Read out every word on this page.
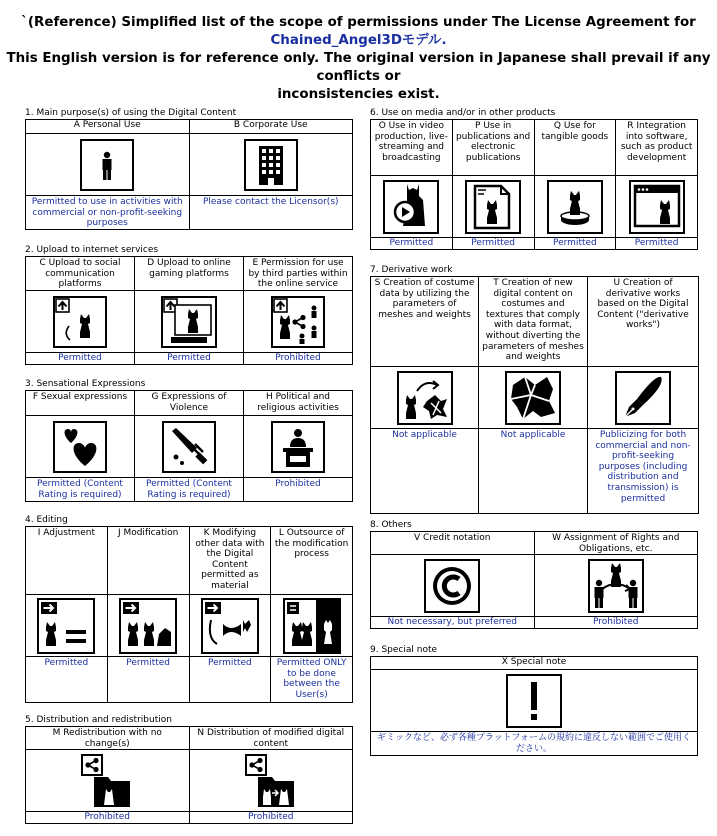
`(Reference) Simplified list of the scope of permissions under The License Agreement for
Chained_Angel3Dモデル.
This English version is for reference only. The original version in Japanese shall prevail if any conflicts or
inconsistencies exist.
1. Main purpose(s) of using the Digital Content
A Personal Use	B Corporate Use

Permitted to use in activities with commercial or non-profit-seeking purposes	Please contact the Licensor(s)
2. Upload to internet services
C Upload to social communication platforms	D Upload to online gaming platforms	E Permission for use by third parties within the online service

Permitted	Permitted	Prohibited
3. Sensational Expressions
F Sexual expressions	G Expressions of Violence	H Political and religious activities

Permitted (Content Rating is required)	Permitted (Content Rating is required)	Prohibited
4. Editing
I Adjustment	J Modification	K Modifying other data with the Digital Content permitted as material	L Outsource of the modification process

Permitted	Permitted	Permitted	Permitted ONLY to be done between the User(s)
5. Distribution and redistribution
M Redistribution with no change(s)	N Distribution of modified digital content

Prohibited	Prohibited
6. Use on media and/or in other products
O Use in video production, live-streaming and broadcasting	P Use in publications and electronic publications	Q Use for tangible goods	R Integration into software, such as product development

Permitted	Permitted	Permitted	Permitted
7. Derivative work
S Creation of costume data by utilizing the parameters of meshes and weights	T Creation of new digital content on costumes and textures that comply with data format, without diverting the parameters of meshes and weights	U Creation of derivative works based on the Digital Content ("derivative works")

Not applicable	Not applicable	Publicizing for both commercial and non-profit-seeking purposes (including distribution and transmission) is permitted
8. Others
V Credit notation	W Assignment of Rights and Obligations, etc.

Not necessary, but preferred	Prohibited
9. Special note
X Special note

ギミックなど、必ず各種プラットフォームの規約に違反しない範囲でご使用ください。
